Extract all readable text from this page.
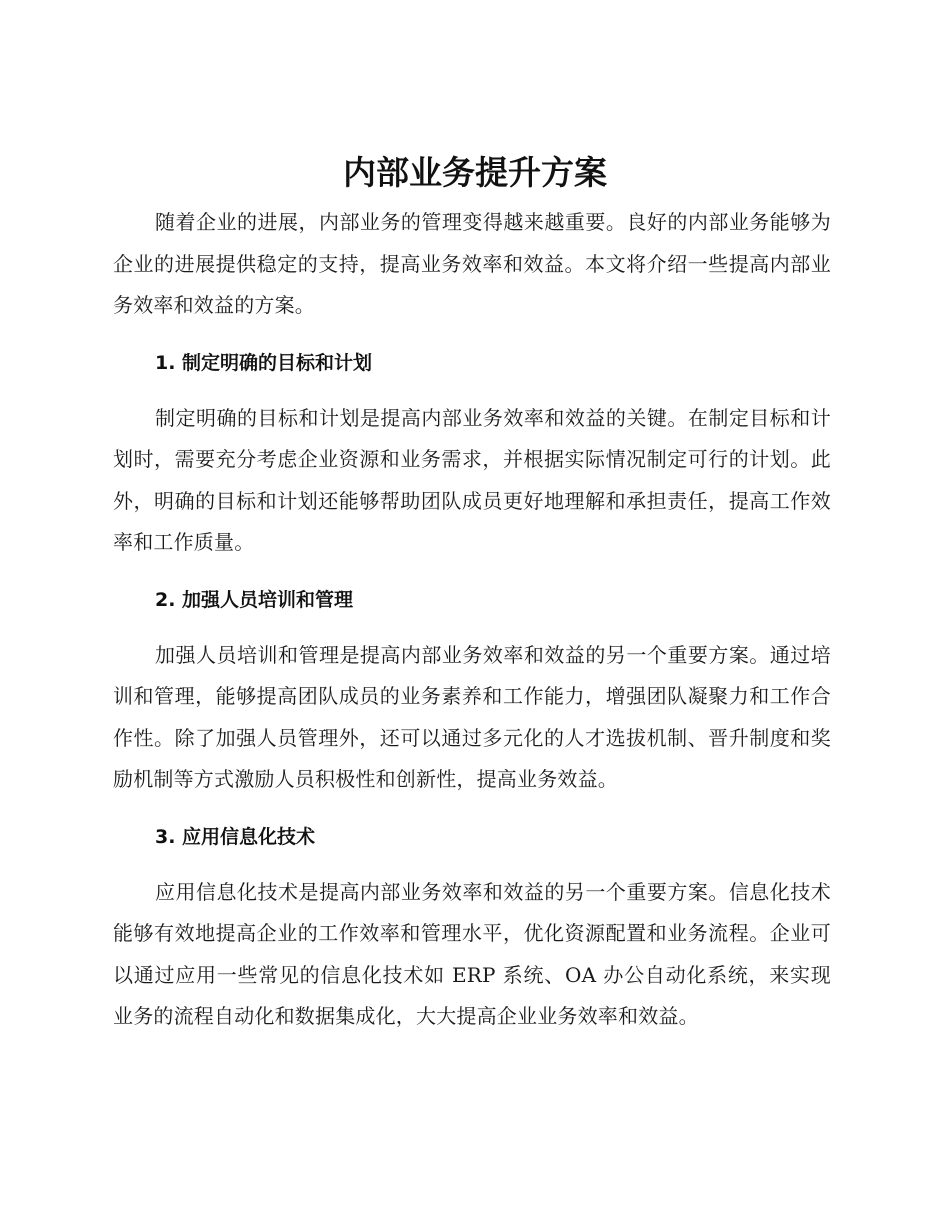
内部业务提升方案

随着企业的进展，内部业务的管理变得越来越重要。良好的内部业务能够为企业的进展提供稳定的支持，提高业务效率和效益。本文将介绍一些提高内部业务效率和效益的方案。

1. 制定明确的目标和计划

制定明确的目标和计划是提高内部业务效率和效益的关键。在制定目标和计划时，需要充分考虑企业资源和业务需求，并根据实际情况制定可行的计划。此外，明确的目标和计划还能够帮助团队成员更好地理解和承担责任，提高工作效率和工作质量。

2. 加强人员培训和管理

加强人员培训和管理是提高内部业务效率和效益的另一个重要方案。通过培训和管理，能够提高团队成员的业务素养和工作能力，增强团队凝聚力和工作合作性。除了加强人员管理外，还可以通过多元化的人才选拔机制、晋升制度和奖励机制等方式激励人员积极性和创新性，提高业务效益。

3. 应用信息化技术

应用信息化技术是提高内部业务效率和效益的另一个重要方案。信息化技术能够有效地提高企业的工作效率和管理水平，优化资源配置和业务流程。企业可以通过应用一些常见的信息化技术如 ERP 系统、OA 办公自动化系统，来实现业务的流程自动化和数据集成化，大大提高企业业务效率和效益。
